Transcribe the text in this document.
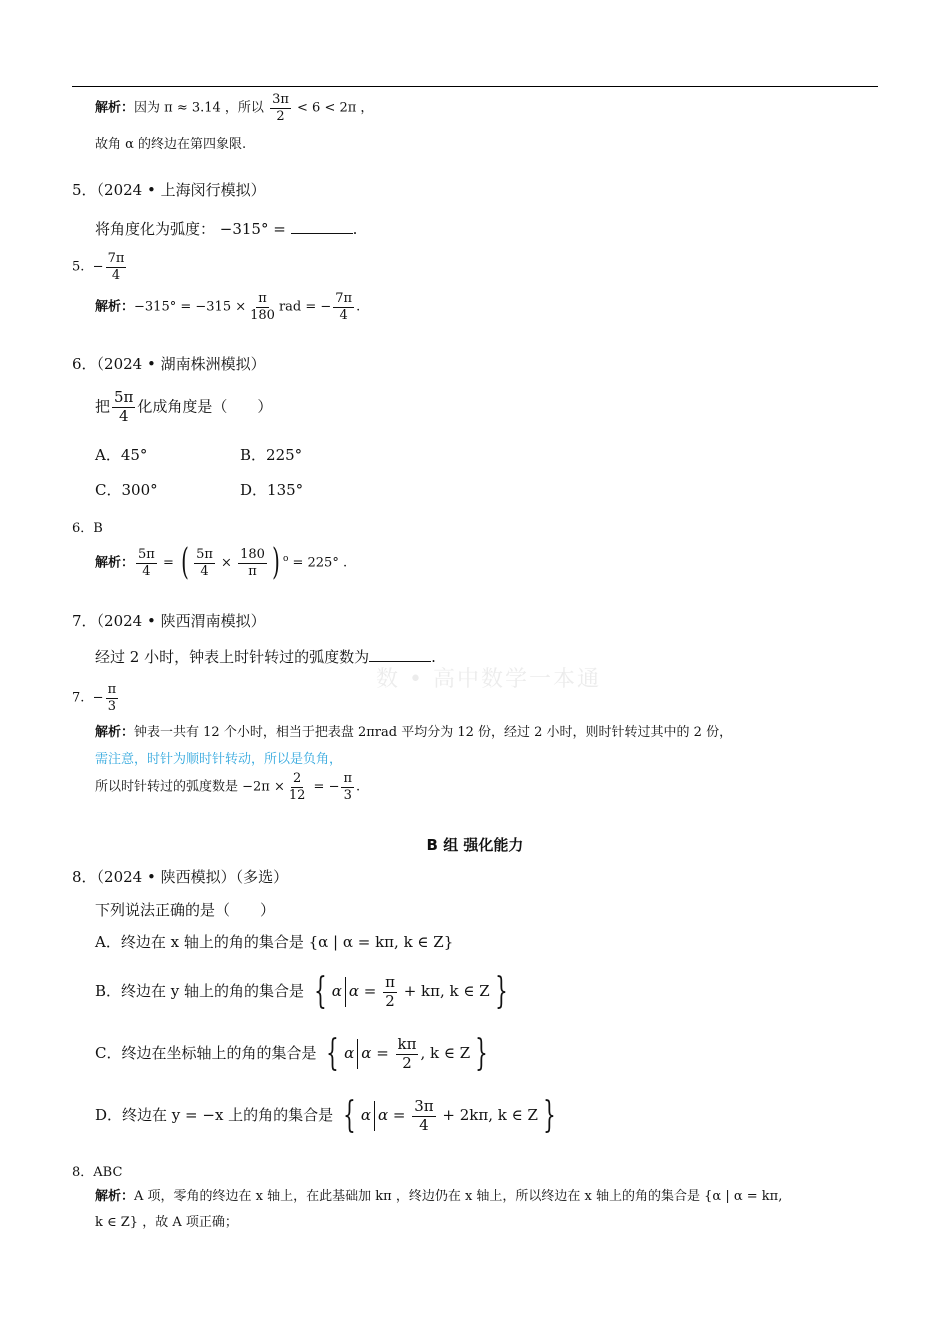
数 • 高中数学一本通
解析：因为 π ≈ 3.14 ，所以 $\frac{3\pi}{2} < 6 < 2\pi$ ，
故角 α 的终边在第四象限.
5．（2024 • 上海闵行模拟）
将角度化为弧度： −315° =	.
5. − $\frac{7\pi}{4}$
解析：$-315^\circ = -315 \times \frac{\pi}{180}$ rad = − $\frac{7\pi}{4}$ .
6．（2024 • 湖南株洲模拟）
把 $\frac{5\pi}{4}$ 化成角度是（　　）
A．45°	B．225°
C．300°	D．135°
6．B
解析： $\frac{5\pi}{4}$ = ( $\frac{5\pi}{4} \times \frac{180}{\pi}$ ) $^o$ = 225° .
7．（2024 • 陕西渭南模拟）
经过 2 小时，钟表上时针转过的弧度数为	.
7. − $\frac{\pi}{3}$
解析：钟表一共有 12 个小时，相当于把表盘 2πrad 平均分为 12 份，经过 2 小时，则时针转过其中的 2 份，
需注意，时针为顺时针转动，所以是负角，
所以时针转过的弧度数是 $-2\pi \times \frac{2}{12}$ = − $\frac{\pi}{3}$ .
B 组 强化能力
8．（2024 • 陕西模拟）（多选）
下列说法正确的是（　　）
A．终边在 x 轴上的角的集合是 {α | α = kπ, k ∈ Z}
B．终边在 y 轴上的角的集合是 { α $\alpha = \frac{\pi}{2} + k\pi$, k ∈ Z }
C．终边在坐标轴上的角的集合是 { α $\alpha = \frac{k\pi}{2}$ , k ∈ Z }
D．终边在 y = −x 上的角的集合是 { α $\alpha = \frac{3\pi}{4} + 2k\pi$, k ∈ Z }
8．ABC
解析：A 项，零角的终边在 x 轴上，在此基础加 kπ ，终边仍在 x 轴上，所以终边在 x 轴上的角的集合是 {α | α = kπ,
k ∈ Z} ，故 A 项正确；
